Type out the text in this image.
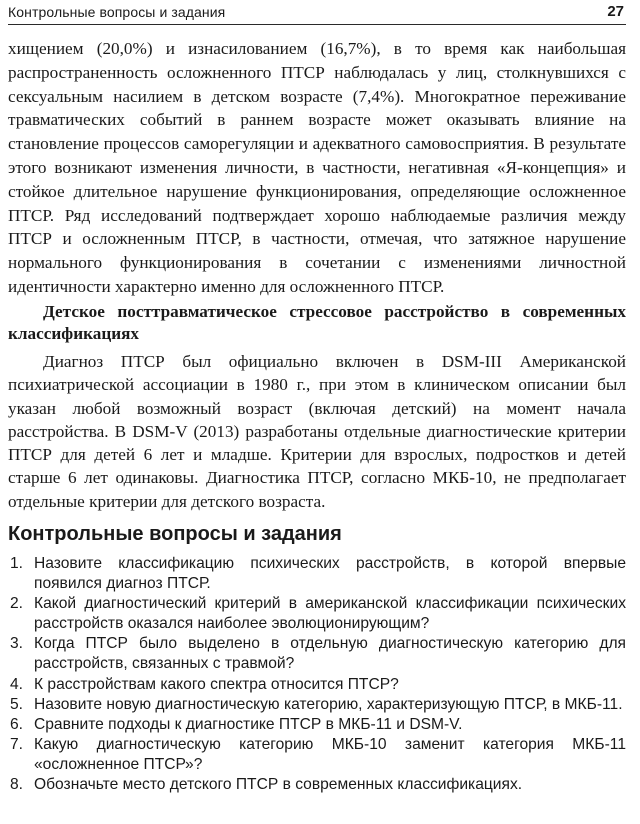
Контрольные вопросы и задания	27

хищением (20,0%) и изнасилованием (16,7%), в то время как наибольшая распространенность осложненного ПТСР наблюдалась у лиц, столкнувшихся с сексуальным насилием в детском возрасте (7,4%). Многократное переживание травматических событий в раннем возрасте может оказывать влияние на становление процессов саморегуляции и адекватного самовосприятия. В результате этого возникают изменения личности, в частности, негативная «Я-концепция» и стойкое длительное нарушение функционирования, определяющие осложненное ПТСР. Ряд исследований подтверждает хорошо наблюдаемые различия между ПТСР и осложненным ПТСР, в частности, отмечая, что затяжное нарушение нормального функционирования в сочетании с изменениями личностной идентичности характерно именно для осложненного ПТСР.

Детское посттравматическое стрессовое расстройство в современных классификациях

Диагноз ПТСР был официально включен в DSM-III Американской психиатрической ассоциации в 1980 г., при этом в клиническом описании был указан любой возможный возраст (включая детский) на момент начала расстройства. В DSM-V (2013) разработаны отдельные диагностические критерии ПТСР для детей 6 лет и младше. Критерии для взрослых, подростков и детей старше 6 лет одинаковы. Диагностика ПТСР, согласно МКБ-10, не предполагает отдельные критерии для детского возраста.

Контрольные вопросы и задания
1. Назовите классификацию психических расстройств, в которой впервые появился диагноз ПТСР.
2. Какой диагностический критерий в американской классификации психических расстройств оказался наиболее эволюционирующим?
3. Когда ПТСР было выделено в отдельную диагностическую категорию для расстройств, связанных с травмой?
4. К расстройствам какого спектра относится ПТСР?
5. Назовите новую диагностическую категорию, характеризующую ПТСР, в МКБ-11.
6. Сравните подходы к диагностике ПТСР в МКБ-11 и DSM-V.
7. Какую диагностическую категорию МКБ-10 заменит категория МКБ-11 «осложненное ПТСР»?
8. Обозначьте место детского ПТСР в современных классификациях.
